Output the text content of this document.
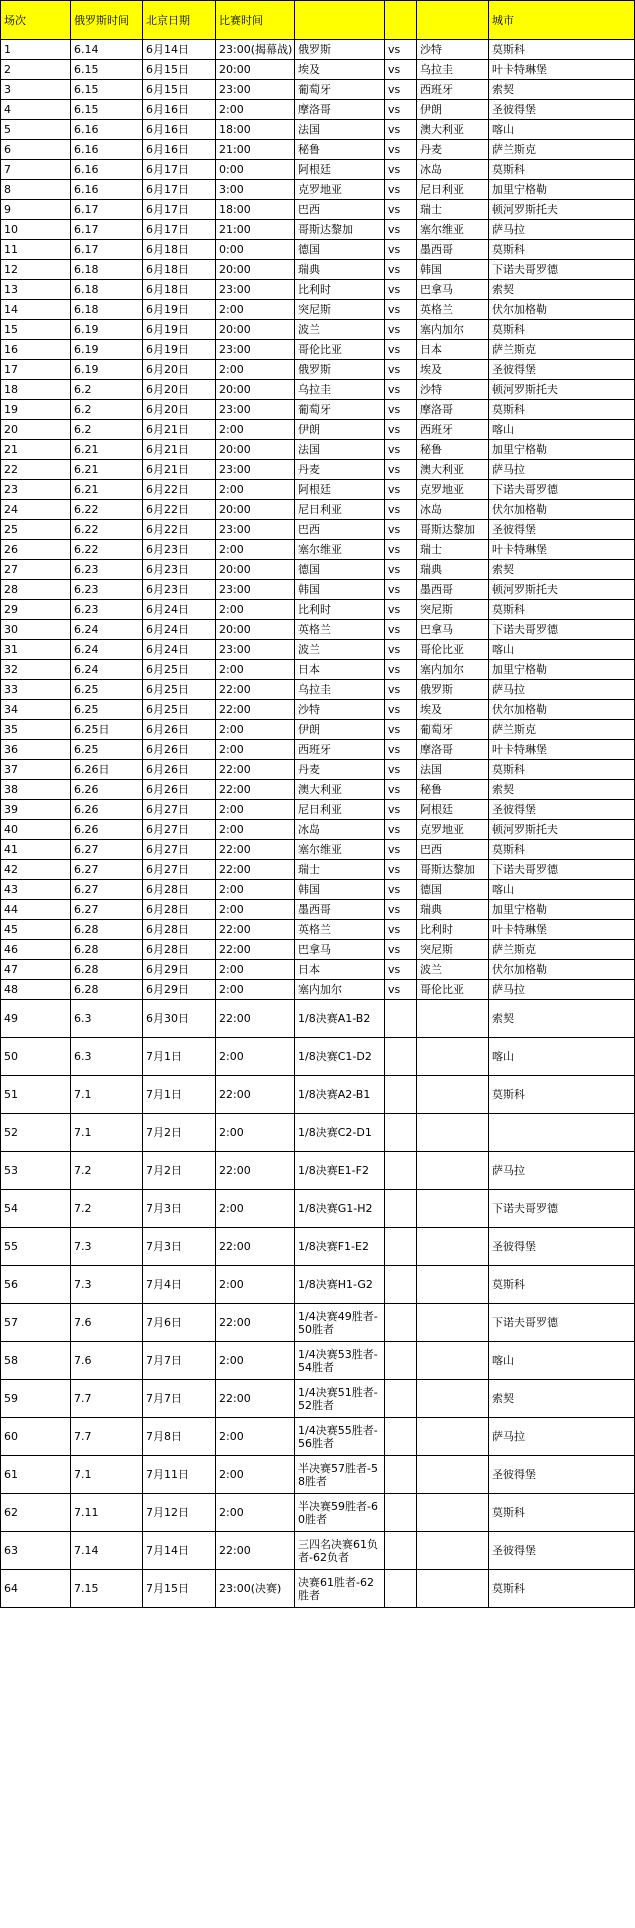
场次	俄罗斯时间	北京日期	比赛时间				城市
1	6.14	6月14日	23:00(揭幕战)	俄罗斯	vs	沙特	莫斯科
2	6.15	6月15日	20:00	埃及	vs	乌拉圭	叶卡特琳堡
3	6.15	6月15日	23:00	葡萄牙	vs	西班牙	索契
4	6.15	6月16日	2:00	摩洛哥	vs	伊朗	圣彼得堡
5	6.16	6月16日	18:00	法国	vs	澳大利亚	喀山
6	6.16	6月16日	21:00	秘鲁	vs	丹麦	萨兰斯克
7	6.16	6月17日	0:00	阿根廷	vs	冰岛	莫斯科
8	6.16	6月17日	3:00	克罗地亚	vs	尼日利亚	加里宁格勒
9	6.17	6月17日	18:00	巴西	vs	瑞士	顿河罗斯托夫
10	6.17	6月17日	21:00	哥斯达黎加	vs	塞尔维亚	萨马拉
11	6.17	6月18日	0:00	德国	vs	墨西哥	莫斯科
12	6.18	6月18日	20:00	瑞典	vs	韩国	下诺夫哥罗德
13	6.18	6月18日	23:00	比利时	vs	巴拿马	索契
14	6.18	6月19日	2:00	突尼斯	vs	英格兰	伏尔加格勒
15	6.19	6月19日	20:00	波兰	vs	塞内加尔	莫斯科
16	6.19	6月19日	23:00	哥伦比亚	vs	日本	萨兰斯克
17	6.19	6月20日	2:00	俄罗斯	vs	埃及	圣彼得堡
18	6.2	6月20日	20:00	乌拉圭	vs	沙特	顿河罗斯托夫
19	6.2	6月20日	23:00	葡萄牙	vs	摩洛哥	莫斯科
20	6.2	6月21日	2:00	伊朗	vs	西班牙	喀山
21	6.21	6月21日	20:00	法国	vs	秘鲁	加里宁格勒
22	6.21	6月21日	23:00	丹麦	vs	澳大利亚	萨马拉
23	6.21	6月22日	2:00	阿根廷	vs	克罗地亚	下诺夫哥罗德
24	6.22	6月22日	20:00	尼日利亚	vs	冰岛	伏尔加格勒
25	6.22	6月22日	23:00	巴西	vs	哥斯达黎加	圣彼得堡
26	6.22	6月23日	2:00	塞尔维亚	vs	瑞士	叶卡特琳堡
27	6.23	6月23日	20:00	德国	vs	瑞典	索契
28	6.23	6月23日	23:00	韩国	vs	墨西哥	顿河罗斯托夫
29	6.23	6月24日	2:00	比利时	vs	突尼斯	莫斯科
30	6.24	6月24日	20:00	英格兰	vs	巴拿马	下诺夫哥罗德
31	6.24	6月24日	23:00	波兰	vs	哥伦比亚	喀山
32	6.24	6月25日	2:00	日本	vs	塞内加尔	加里宁格勒
33	6.25	6月25日	22:00	乌拉圭	vs	俄罗斯	萨马拉
34	6.25	6月25日	22:00	沙特	vs	埃及	伏尔加格勒
35	6.25日	6月26日	2:00	伊朗	vs	葡萄牙	萨兰斯克
36	6.25	6月26日	2:00	西班牙	vs	摩洛哥	叶卡特琳堡
37	6.26日	6月26日	22:00	丹麦	vs	法国	莫斯科
38	6.26	6月26日	22:00	澳大利亚	vs	秘鲁	索契
39	6.26	6月27日	2:00	尼日利亚	vs	阿根廷	圣彼得堡
40	6.26	6月27日	2:00	冰岛	vs	克罗地亚	顿河罗斯托夫
41	6.27	6月27日	22:00	塞尔维亚	vs	巴西	莫斯科
42	6.27	6月27日	22:00	瑞士	vs	哥斯达黎加	下诺夫哥罗德
43	6.27	6月28日	2:00	韩国	vs	德国	喀山
44	6.27	6月28日	2:00	墨西哥	vs	瑞典	加里宁格勒
45	6.28	6月28日	22:00	英格兰	vs	比利时	叶卡特琳堡
46	6.28	6月28日	22:00	巴拿马	vs	突尼斯	萨兰斯克
47	6.28	6月29日	2:00	日本	vs	波兰	伏尔加格勒
48	6.28	6月29日	2:00	塞内加尔	vs	哥伦比亚	萨马拉
49	6.3	6月30日	22:00	1/8决赛A1-B2			索契
50	6.3	7月1日	2:00	1/8决赛C1-D2			喀山
51	7.1	7月1日	22:00	1/8决赛A2-B1			莫斯科
52	7.1	7月2日	2:00	1/8决赛C2-D1			
53	7.2	7月2日	22:00	1/8决赛E1-F2			萨马拉
54	7.2	7月3日	2:00	1/8决赛G1-H2			下诺夫哥罗德
55	7.3	7月3日	22:00	1/8决赛F1-E2			圣彼得堡
56	7.3	7月4日	2:00	1/8决赛H1-G2			莫斯科
57	7.6	7月6日	22:00	1/4决赛49胜者-50胜者			下诺夫哥罗德
58	7.6	7月7日	2:00	1/4决赛53胜者-54胜者			喀山
59	7.7	7月7日	22:00	1/4决赛51胜者-52胜者			索契
60	7.7	7月8日	2:00	1/4决赛55胜者-56胜者			萨马拉
61	7.1	7月11日	2:00	半决赛57胜者-58胜者			圣彼得堡
62	7.11	7月12日	2:00	半决赛59胜者-60胜者			莫斯科
63	7.14	7月14日	22:00	三四名决赛61负者-62负者			圣彼得堡
64	7.15	7月15日	23:00(决赛)	决赛61胜者-62胜者			莫斯科
